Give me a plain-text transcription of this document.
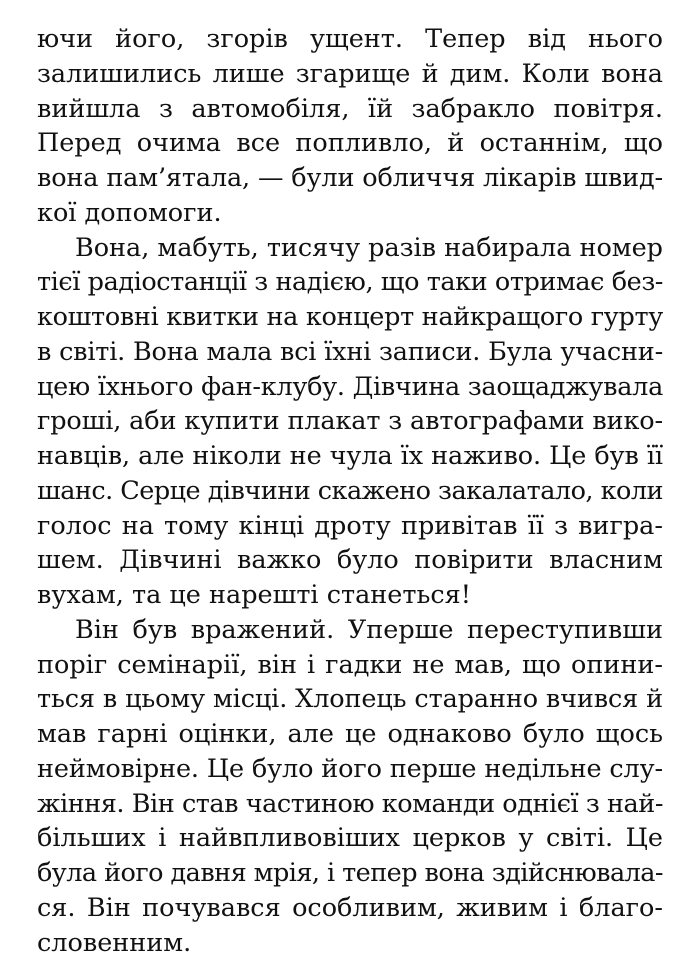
ючи його, згорів ущент. Тепер від нього
залишились лише згарище й дим. Коли вона
вийшла з автомобіля, їй забракло повітря.
Перед очима все попливло, й останнім, що
вона пам’ятала, — були обличчя лікарів швид-
кої допомоги.
Вона, мабуть, тисячу разів набирала номер
тієї радіостанції з надією, що таки отримає без-
коштовні квитки на концерт найкращого гурту
в світі. Вона мала всі їхні записи. Була учасни-
цею їхнього фан-клубу. Дівчина заощаджувала
гроші, аби купити плакат з автографами вико-
навців, але ніколи не чула їх наживо. Це був її
шанс. Серце дівчини скажено закалатало, коли
голос на тому кінці дроту привітав її з вигра-
шем. Дівчині важко було повірити власним
вухам, та це нарешті станеться!
Він був вражений. Уперше переступивши
поріг семінарії, він і гадки не мав, що опини-
ться в цьому місці. Хлопець старанно вчився й
мав гарні оцінки, але це однаково було щось
неймовірне. Це було його перше недільне слу-
жіння. Він став частиною команди однієї з най-
більших і найвпливовіших церков у світі. Це
була його давня мрія, і тепер вона здійснювала-
ся. Він почувався особливим, живим і благо-
словенним.
